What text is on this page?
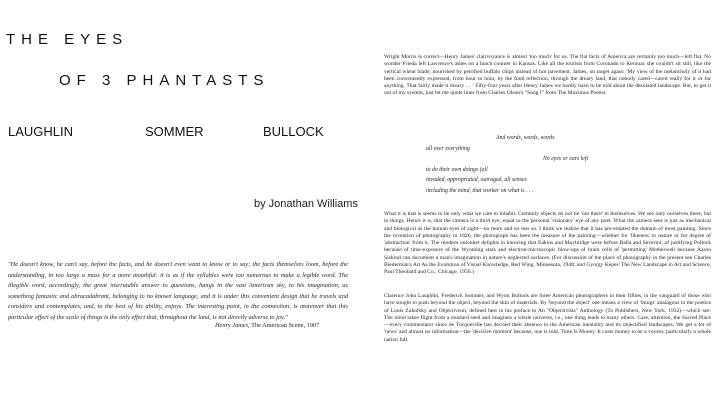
THE EYES
OF 3 PHANTASTS
LAUGHLIN	SOMMER	BULLOCK
by Jonathan Williams
"He doesn't know, he can't say, before the facts, and he doesn't even want to know or to say; the facts themselves loom, before the understanding, in too large a mass for a more mouthful: it is as if the syllables were too numerous to make a legible word. The illegible word, accordingly, the great inscrutable answer to questions, hangs in the vast American sky, to his imagination, as something fantastic and abracadabrant, belonging to no known language, and it is under this convenient design that he travels and considers and contemplates, and, to the best of his ability, enjoys. The interesting point, in the connection, is moreover that this particular effect of the scale of things is the only effect that, throughout the land, is not directly adverse to joy."
Henry James, The American Scene, 1907
Wright Morris is correct—Henry James' clairvoyance is almost 'too much' for us. The flat facts of America are certainly too much—left flat. No wonder Frieda left Lawrence's ashes on a lunch counter in Kansas. Like all the tourists from Coronado to Kerouac she couldn't sit still, like the vertical wheat blade, nourished by petrified buffalo chips instead of hot pavement. James, on target again: 'My view of the melancholy of it had been conveniently expressed, from hour to hour, by the fond reflection, through the dreary land, that nobody cared—cared really for it or for anything. That fairly made it dreary . . .' Fifty-four years after Henry James we hardly have to be told about the desolated landscape. But, to get it out of my system, just let me quote lines from Charles Olson's "Song I" from The Maximus Poems:
And words, words, words
all over everything
No eyes or ears left
to do their own doings (all
invaded, appropriated, outraged, all senses
including the mind, that worker on what is . . .
What it is that is seems to be only what we care to inhabit. Certainly objects do not lie 'out there' in themselves. We see only ourselves there, but in things. Hence it is, that the camera is a third eye, equal to the personal 'visionary' eye of any poet. What the camera sees is just as mechanical and biological as the human eyes of sight—no more and no less so. I think we realize that it has pre-empted the domain of most painting. Since the invention of photography in 1826, the photograph has been the measure of the painting—whether for 'likeness' to nature or for degree of 'abstraction' from it. The modern onlooker delights in knowing that Eakins and Muybridge were before Balla and Severini; of justifying Pollock because of time-exposure of the Wyoming stars and electron-microscopic blow-ups of brain cells of 'permitting' Motherwell because Aaron Siskind can document a man's imagination in nature's neglected surfaces. (For discussion of the place of photography in the present see Charles Biederman's Art As the Evolution of Visual Knowledge, Red Wing, Minnesota, 1948; and Gyorgy Kepes' The New Landscape in Art and Science, Paul Theobald and Co., Chicago, 1956.)
Clarence John Laughlin, Frederick Sommer, and Wynn Bullock are three American photographers in their fifties, in the vanguard of those who have sought to push beyond the object, beyond the skin of materials. By 'beyond the object' one means a view of 'things' analagous to the poetics of Louis Zukofsky and Objectivism, defined best in his preface to An "Objectivists" Anthology (To Publishers, New York, 1932)—which see. The mind takes flight from a mustard seed and imagines a whole universe, i.e., one thing leads to many others. Care, attention, the Sacred Place—every commentator since de Tocqueville has decried their absence in the American mentality and its objectified landscapes. We get a lot of 'news' and almost no information—the 'decisive moment' because, one is told, Time Is Money. It costs money to be a voyeur, particularly a whole nation full.
